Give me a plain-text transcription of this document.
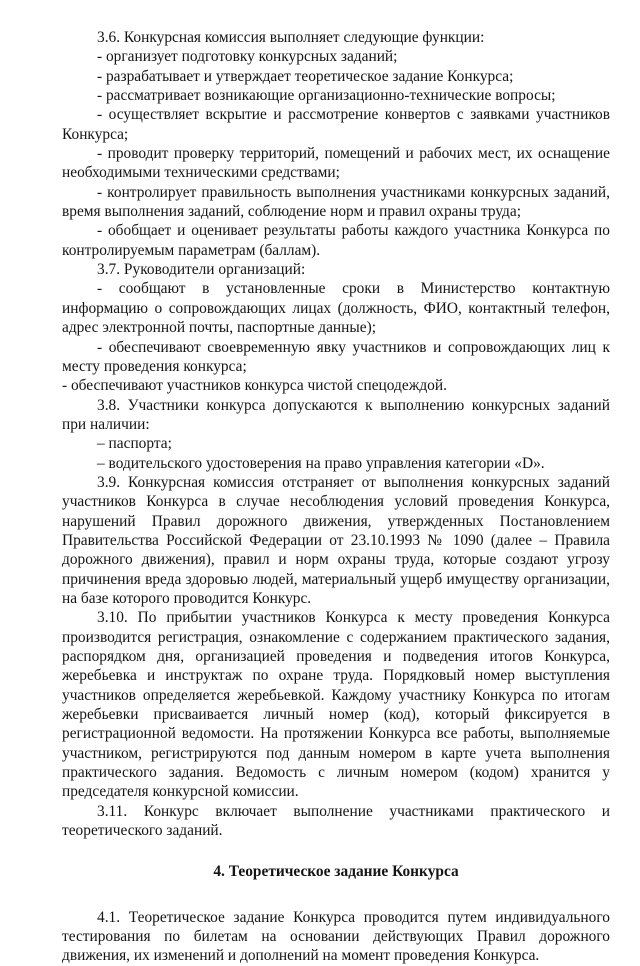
3.6. Конкурсная комиссия выполняет следующие функции:

- организует подготовку конкурсных заданий;

- разрабатывает и утверждает теоретическое задание Конкурса;

- рассматривает возникающие организационно-технические вопросы;

- осуществляет вскрытие и рассмотрение конвертов с заявками участников Конкурса;

- проводит проверку территорий, помещений и рабочих мест, их оснащение необходимыми техническими средствами;

- контролирует правильность выполнения участниками конкурсных заданий, время выполнения заданий, соблюдение норм и правил охраны труда;

- обобщает и оценивает результаты работы каждого участника Конкурса по контролируемым параметрам (баллам).

3.7. Руководители организаций:

- сообщают в установленные сроки в Министерство контактную информацию о сопровождающих лицах (должность, ФИО, контактный телефон, адрес электронной почты, паспортные данные);

- обеспечивают своевременную явку участников и сопровождающих лиц к месту проведения конкурса;

- обеспечивают участников конкурса чистой спецодеждой.

3.8. Участники конкурса допускаются к выполнению конкурсных заданий при наличии:

– паспорта;

– водительского удостоверения на право управления категории «D».

3.9. Конкурсная комиссия отстраняет от выполнения конкурсных заданий участников Конкурса в случае несоблюдения условий проведения Конкурса, нарушений Правил дорожного движения, утвержденных Постановлением Правительства Российской Федерации от 23.10.1993 № 1090 (далее – Правила дорожного движения), правил и норм охраны труда, которые создают угрозу причинения вреда здоровью людей, материальный ущерб имуществу организации, на базе которого проводится Конкурс.

3.10. По прибытии участников Конкурса к месту проведения Конкурса производится регистрация, ознакомление с содержанием практического задания, распорядком дня, организацией проведения и подведения итогов Конкурса, жеребьевка и инструктаж по охране труда. Порядковый номер выступления участников определяется жеребьевкой. Каждому участнику Конкурса по итогам жеребьевки присваивается личный номер (код), который фиксируется в регистрационной ведомости. На протяжении Конкурса все работы, выполняемые участником, регистрируются под данным номером в карте учета выполнения практического задания. Ведомость с личным номером (кодом) хранится у председателя конкурсной комиссии.

3.11. Конкурс включает выполнение участниками практического и теоретического заданий.

4. Теоретическое задание Конкурса

4.1. Теоретическое задание Конкурса проводится путем индивидуального тестирования по билетам на основании действующих Правил дорожного движения, их изменений и дополнений на момент проведения Конкурса.
